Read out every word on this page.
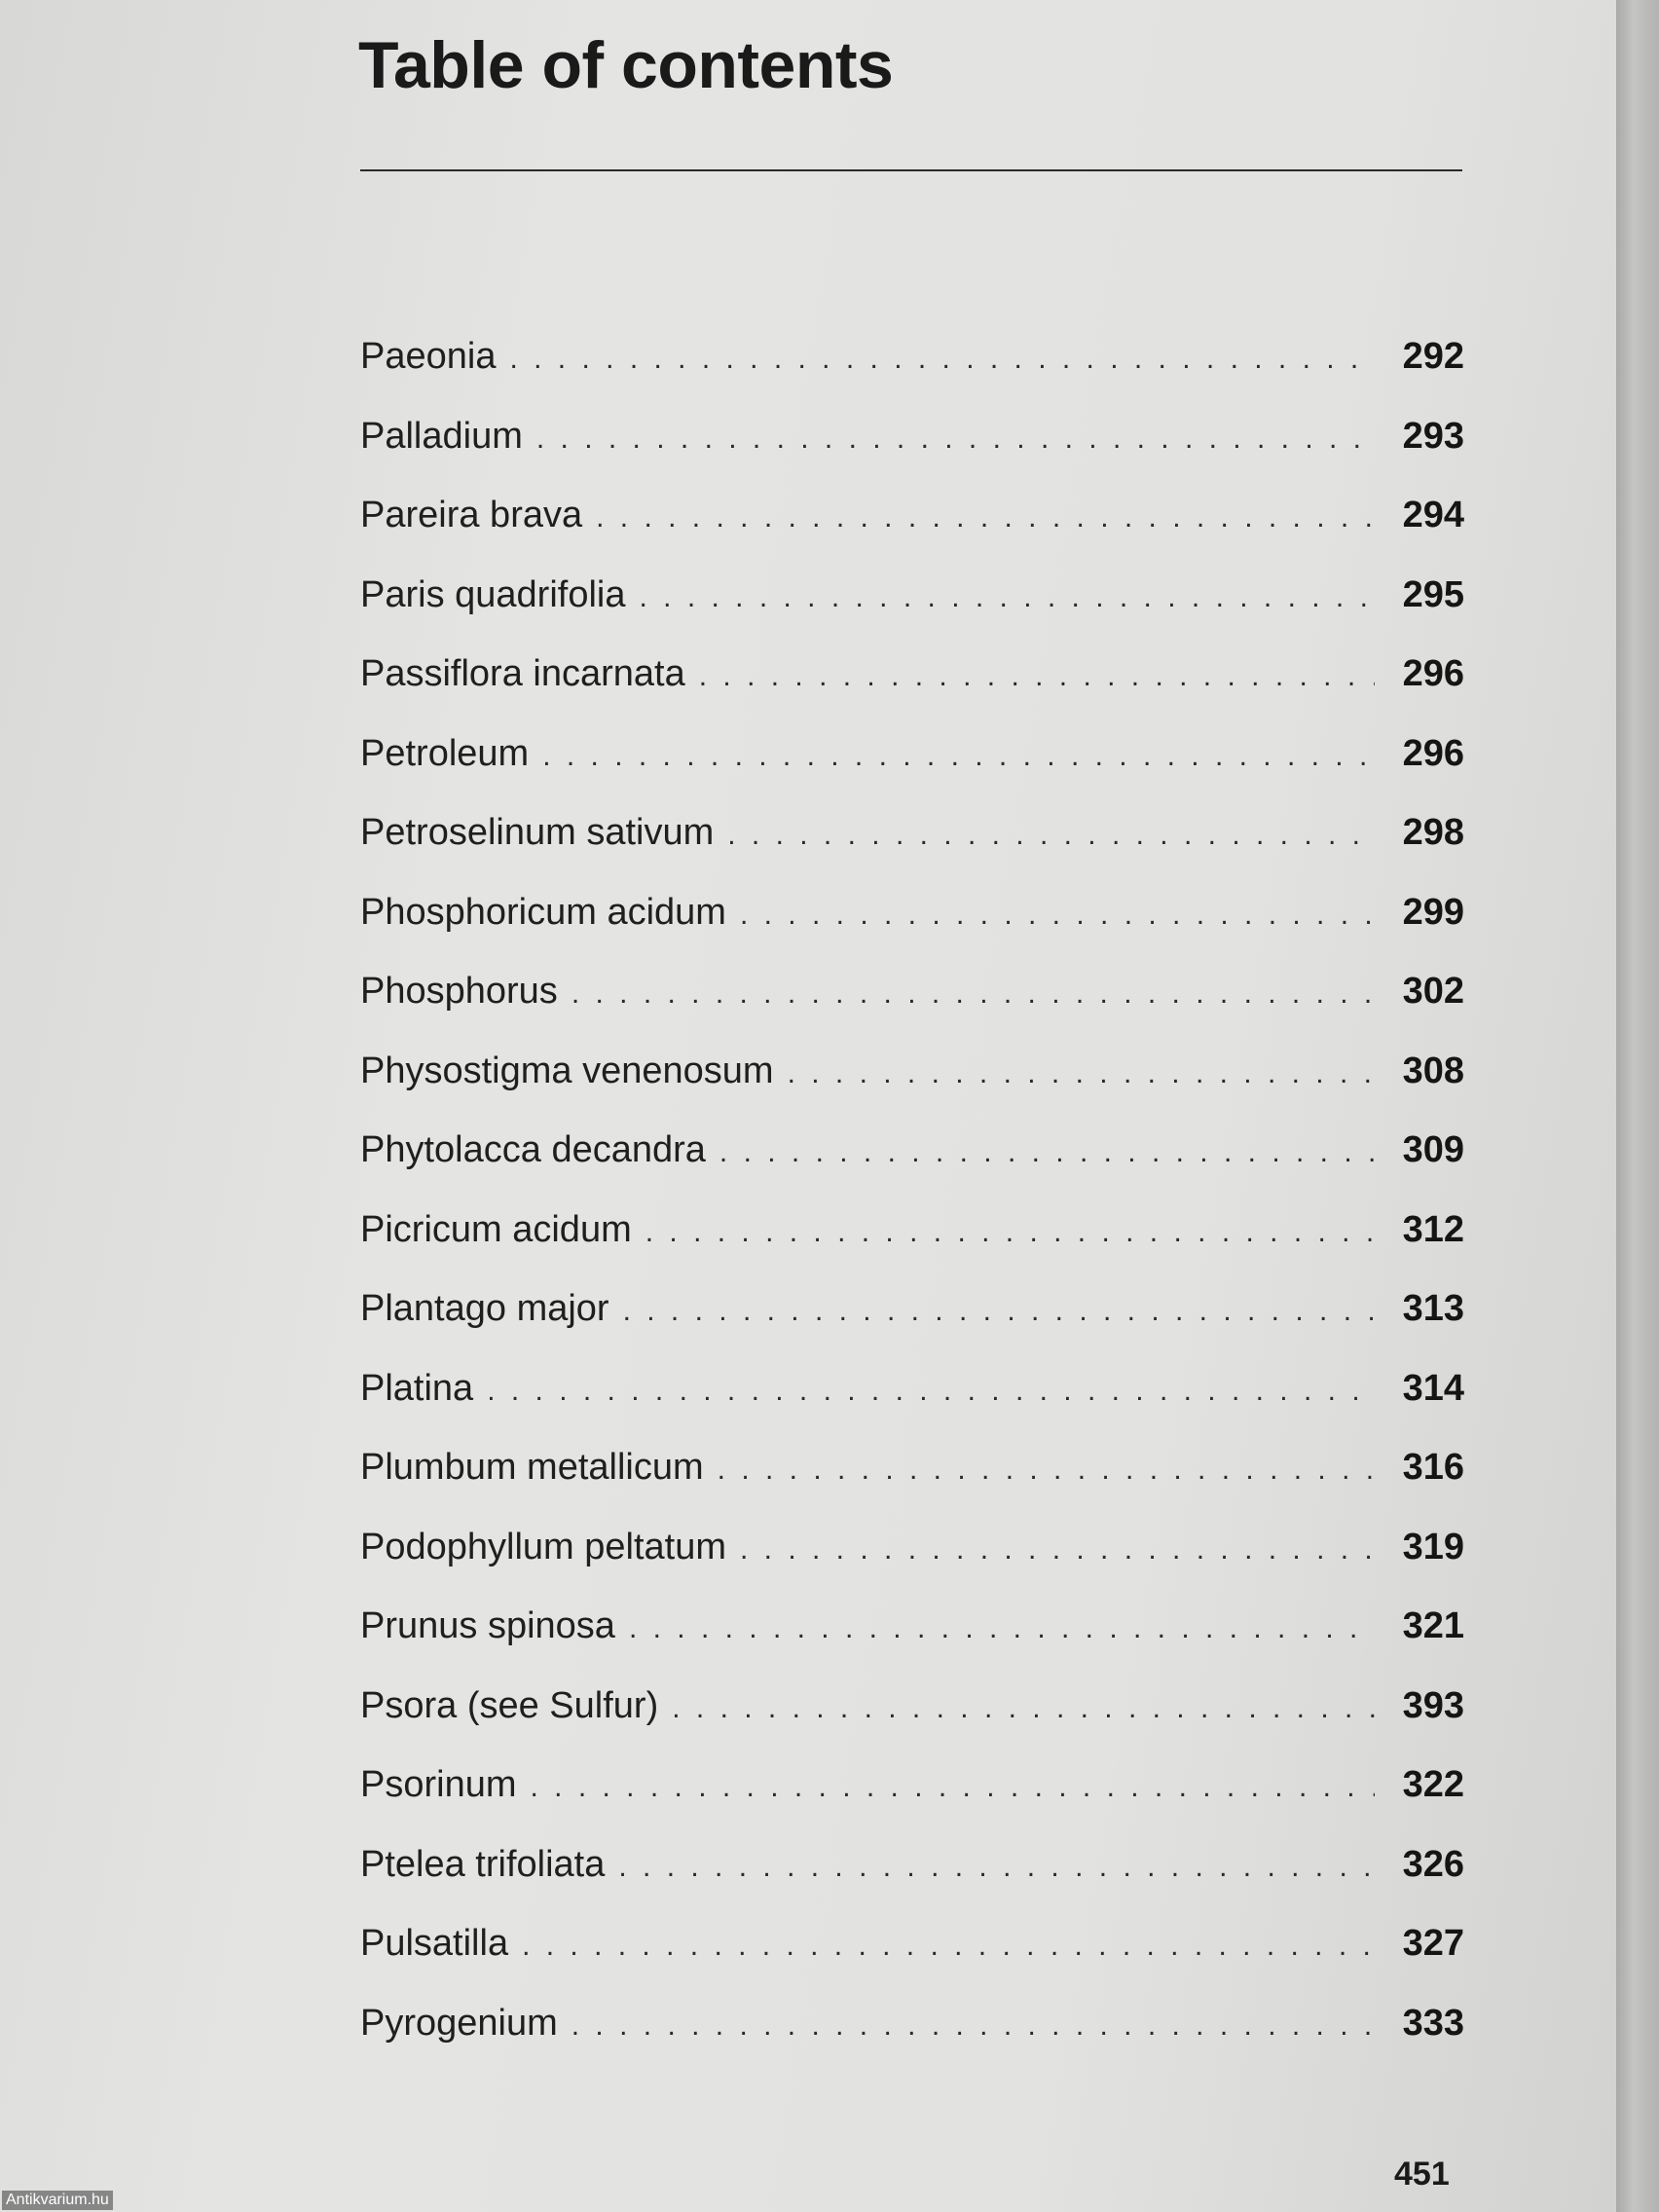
Table of contents
Paeonia . . .	292
Palladium . . .	293
Pareira brava . . .	294
Paris quadrifolia . . .	295
Passiflora incarnata . . .	296
Petroleum . . .	296
Petroselinum sativum . . .	298
Phosphoricum acidum . . .	299
Phosphorus . . .	302
Physostigma venenosum . . .	308
Phytolacca decandra . . .	309
Picricum acidum . . .	312
Plantago major . . .	313
Platina . . .	314
Plumbum metallicum . . .	316
Podophyllum peltatum . . .	319
Prunus spinosa . . .	321
Psora (see Sulfur) . . .	393
Psorinum . . .	322
Ptelea trifoliata . . .	326
Pulsatilla . . .	327
Pyrogenium . . .	333
451
Antikvarium.hu
